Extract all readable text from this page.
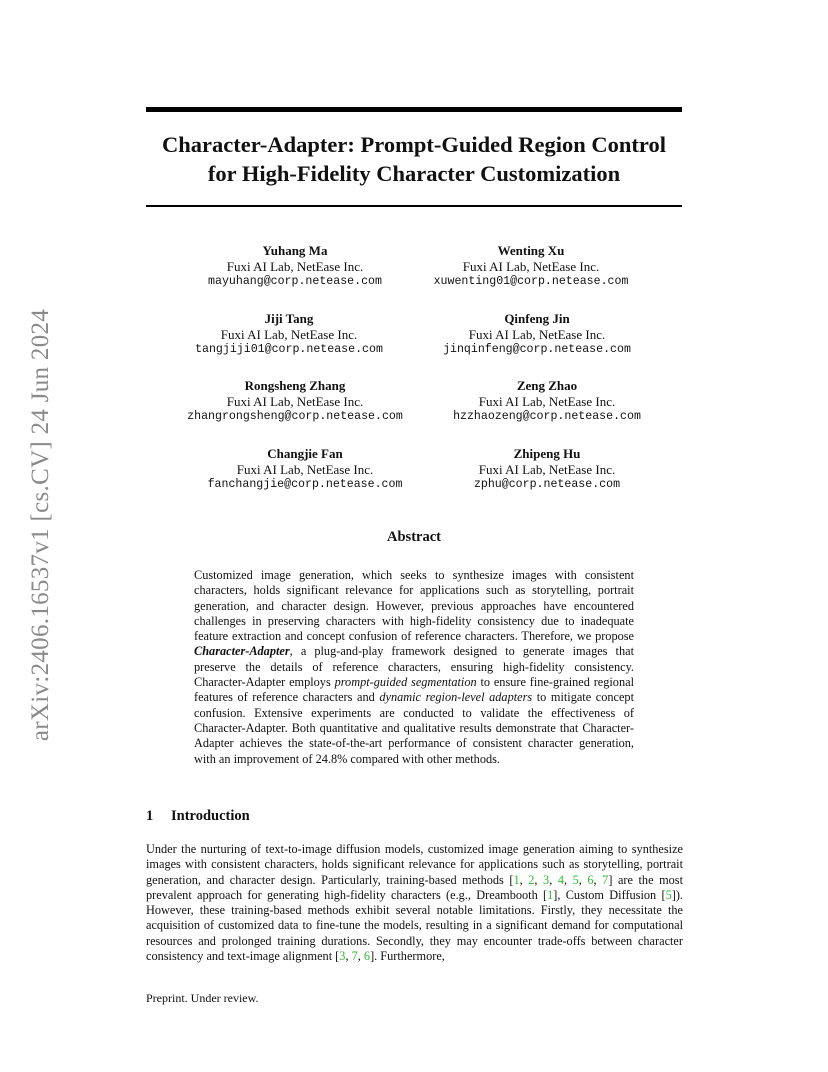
arXiv:2406.16537v1 [cs.CV] 24 Jun 2024
Character-Adapter: Prompt-Guided Region Control
for High-Fidelity Character Customization
Yuhang Ma
Fuxi AI Lab, NetEase Inc.
mayuhang@corp.netease.com
Wenting Xu
Fuxi AI Lab, NetEase Inc.
xuwenting01@corp.netease.com
Jiji Tang
Fuxi AI Lab, NetEase Inc.
tangjiji01@corp.netease.com
Qinfeng Jin
Fuxi AI Lab, NetEase Inc.
jinqinfeng@corp.netease.com
Rongsheng Zhang
Fuxi AI Lab, NetEase Inc.
zhangrongsheng@corp.netease.com
Zeng Zhao
Fuxi AI Lab, NetEase Inc.
hzzhaozeng@corp.netease.com
Changjie Fan
Fuxi AI Lab, NetEase Inc.
fanchangjie@corp.netease.com
Zhipeng Hu
Fuxi AI Lab, NetEase Inc.
zphu@corp.netease.com
Abstract
Customized image generation, which seeks to synthesize images with consistent characters, holds significant relevance for applications such as storytelling, portrait generation, and character design. However, previous approaches have encountered challenges in preserving characters with high-fidelity consistency due to inadequate feature extraction and concept confusion of reference characters. Therefore, we propose Character-Adapter, a plug-and-play framework designed to generate images that preserve the details of reference characters, ensuring high-fidelity consistency. Character-Adapter employs prompt-guided segmentation to ensure fine-grained regional features of reference characters and dynamic region-level adapters to mitigate concept confusion. Extensive experiments are conducted to validate the effectiveness of Character-Adapter. Both quantitative and qualitative results demonstrate that Character-Adapter achieves the state-of-the-art performance of consistent character generation, with an improvement of 24.8% compared with other methods.
1 Introduction
Under the nurturing of text-to-image diffusion models, customized image generation aiming to synthesize images with consistent characters, holds significant relevance for applications such as storytelling, portrait generation, and character design. Particularly, training-based methods [1, 2, 3, 4, 5, 6, 7] are the most prevalent approach for generating high-fidelity characters (e.g., Dreambooth [1], Custom Diffusion [5]). However, these training-based methods exhibit several notable limitations. Firstly, they necessitate the acquisition of customized data to fine-tune the models, resulting in a significant demand for computational resources and prolonged training durations. Secondly, they may encounter trade-offs between character consistency and text-image alignment [3, 7, 6]. Furthermore,
Preprint. Under review.
